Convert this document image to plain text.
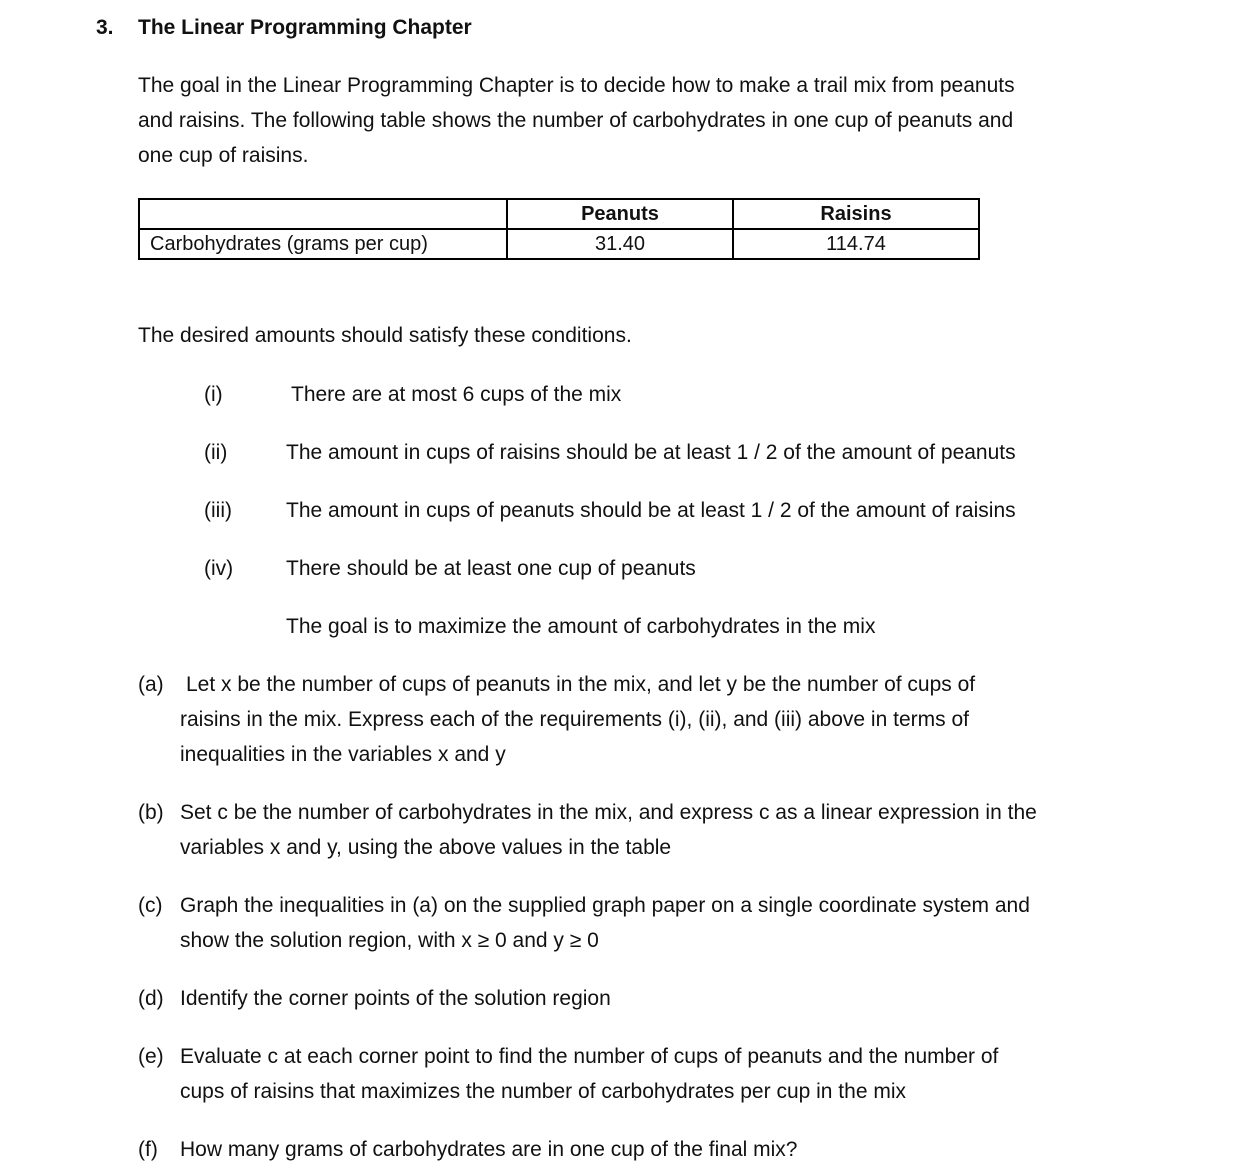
3. The Linear Programming Chapter
The goal in the Linear Programming Chapter is to decide how to make a trail mix from peanuts
and raisins. The following table shows the number of carbohydrates in one cup of peanuts and
one cup of raisins.
	Peanuts	Raisins
Carbohydrates (grams per cup)	31.40	114.74
The desired amounts should satisfy these conditions.
(i)	There are at most 6 cups of the mix
(ii)	The amount in cups of raisins should be at least 1 / 2 of the amount of peanuts
(iii)	The amount in cups of peanuts should be at least 1 / 2 of the amount of raisins
(iv)	There should be at least one cup of peanuts
The goal is to maximize the amount of carbohydrates in the mix
(a) Let x be the number of cups of peanuts in the mix, and let y be the number of cups of
raisins in the mix. Express each of the requirements (i), (ii), and (iii) above in terms of
inequalities in the variables x and y
(b) Set c be the number of carbohydrates in the mix, and express c as a linear expression in the
variables x and y, using the above values in the table
(c) Graph the inequalities in (a) on the supplied graph paper on a single coordinate system and
show the solution region, with x ≥ 0 and y ≥ 0
(d) Identify the corner points of the solution region
(e) Evaluate c at each corner point to find the number of cups of peanuts and the number of
cups of raisins that maximizes the number of carbohydrates per cup in the mix
(f) How many grams of carbohydrates are in one cup of the final mix?
